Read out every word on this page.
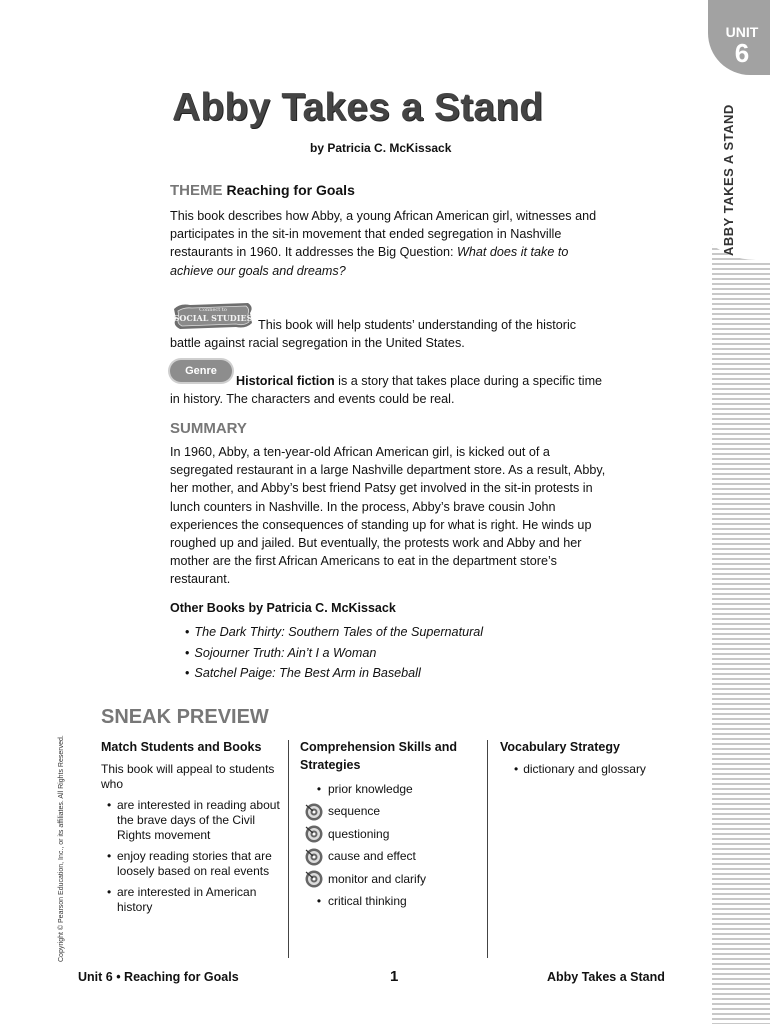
UNIT
6
ABBY TAKES A STAND
Copyright © Pearson Education, Inc., or its affiliates. All Rights Reserved.
Abby Takes a Stand
by Patricia C. McKissack
THEME Reaching for Goals
This book describes how Abby, a young African American girl, witnesses and participates in the sit-in movement that ended segregation in Nashville restaurants in 1960. It addresses the Big Question: What does it take to achieve our goals and dreams?
Connect to
SOCIAL STUDIES This book will help students’ understanding of the historic battle against racial segregation in the United States.
Genre
Historical fiction is a story that takes place during a specific time in history. The characters and events could be real.
SUMMARY
In 1960, Abby, a ten-year-old African American girl, is kicked out of a segregated restaurant in a large Nashville department store. As a result, Abby, her mother, and Abby’s best friend Patsy get involved in the sit-in protests in lunch counters in Nashville. In the process, Abby’s brave cousin John experiences the consequences of standing up for what is right. He winds up roughed up and jailed. But eventually, the protests work and Abby and her mother are the first African Americans to eat in the department store’s restaurant.
Other Books by Patricia C. McKissack
• The Dark Thirty: Southern Tales of the Supernatural
• Sojourner Truth: Ain’t I a Woman
• Satchel Paige: The Best Arm in Baseball
SNEAK PREVIEW
Match Students and Books
This book will appeal to students who
• are interested in reading about the brave days of the Civil Rights movement
• enjoy reading stories that are loosely based on real events
• are interested in American history
Comprehension Skills and Strategies
• prior knowledge
sequence
questioning
cause and effect
monitor and clarify
• critical thinking
Vocabulary Strategy
• dictionary and glossary
Unit 6 • Reaching for Goals	1	Abby Takes a Stand
